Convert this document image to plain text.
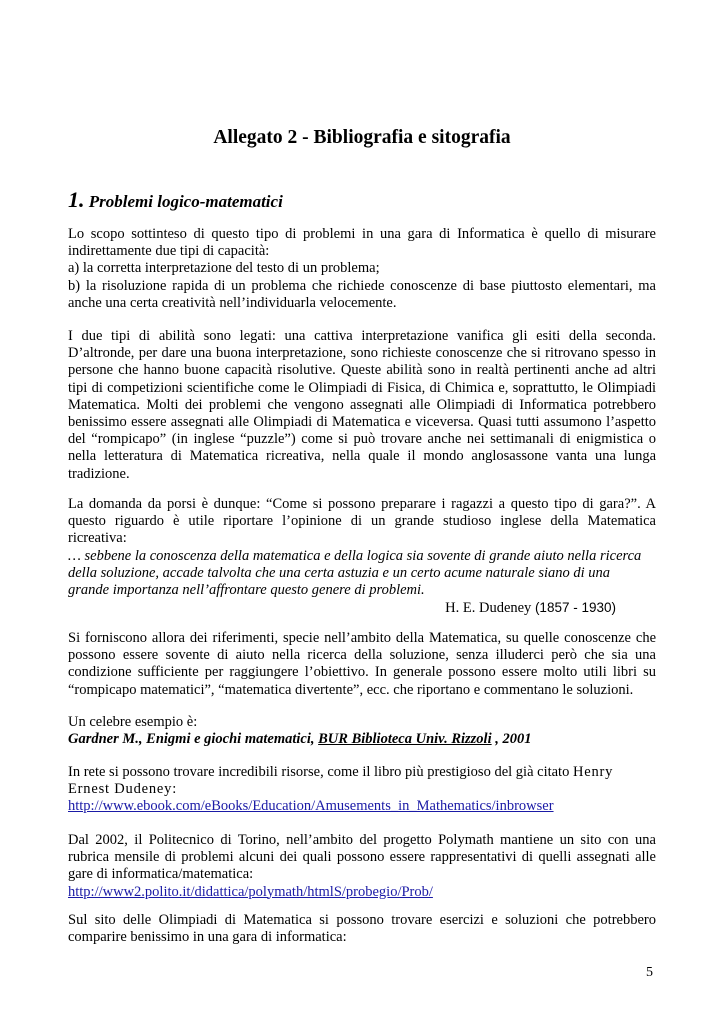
Allegato 2 - Bibliografia e sitografia
1. Problemi logico-matematici
Lo scopo sottinteso di questo tipo di problemi in una gara di Informatica è quello di misurare
indirettamente due tipi di capacità:
a) la corretta interpretazione del testo di un problema;
b) la risoluzione rapida di un problema che richiede conoscenze di base piuttosto elementari, ma
anche una certa creatività nell’individuarla velocemente.
I due tipi di abilità sono legati: una cattiva interpretazione vanifica gli esiti della seconda.
D’altronde, per dare una buona interpretazione, sono richieste conoscenze che si ritrovano spesso in
persone che hanno buone capacità risolutive. Queste abilità sono in realtà pertinenti anche ad altri
tipi di competizioni scientifiche come le Olimpiadi di Fisica, di Chimica e, soprattutto, le Olimpiadi
Matematica. Molti dei problemi che vengono assegnati alle Olimpiadi di Informatica potrebbero
benissimo essere assegnati alle Olimpiadi di Matematica e viceversa. Quasi tutti assumono l’aspetto
del “rompicapo” (in inglese “puzzle”) come si può trovare anche nei settimanali di enigmistica o
nella letteratura di Matematica ricreativa, nella quale il mondo anglosassone vanta una lunga
tradizione.
La domanda da porsi è dunque: “Come si possono preparare i ragazzi a questo tipo di gara?”. A
questo riguardo è utile riportare l’opinione di un grande studioso inglese della Matematica
ricreativa:
… sebbene la conoscenza della matematica e della logica sia sovente di grande aiuto nella ricerca
della soluzione, accade talvolta che una certa astuzia e un certo acume naturale siano di una
grande importanza nell’affrontare questo genere di problemi.
H. E. Dudeney (1857 - 1930)
Si forniscono allora dei riferimenti, specie nell’ambito della Matematica, su quelle conoscenze che
possono essere sovente di aiuto nella ricerca della soluzione, senza illuderci però che sia una
condizione sufficiente per raggiungere l’obiettivo. In generale possono essere molto utili libri su
“rompicapo matematici”, “matematica divertente”, ecc. che riportano e commentano le soluzioni.
Un celebre esempio è:
Gardner M., Enigmi e giochi matematici, BUR Biblioteca Univ. Rizzoli , 2001
In rete si possono trovare incredibili risorse, come il libro più prestigioso del già citato Henry
Ernest Dudeney:
http://www.ebook.com/eBooks/Education/Amusements_in_Mathematics/inbrowser
Dal 2002, il Politecnico di Torino, nell’ambito del progetto Polymath mantiene un sito con una
rubrica mensile di problemi alcuni dei quali possono essere rappresentativi di quelli assegnati alle
gare di informatica/matematica:
http://www2.polito.it/didattica/polymath/htmlS/probegio/Prob/
Sul sito delle Olimpiadi di Matematica si possono trovare esercizi e soluzioni che potrebbero
comparire benissimo in una gara di informatica:
5
